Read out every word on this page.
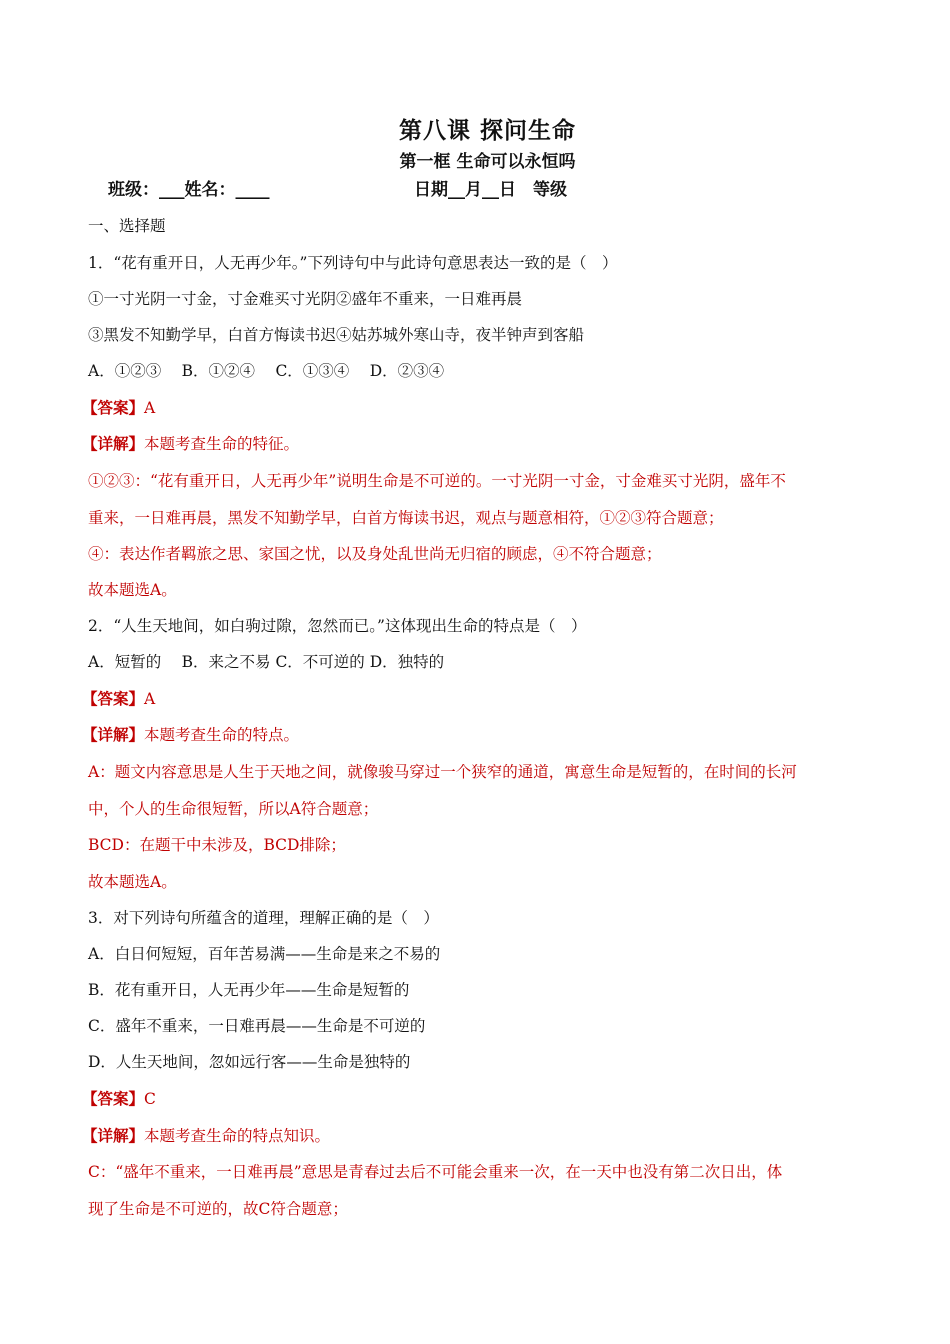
第八课 探问生命
第一框 生命可以永恒吗
班级：___姓名：____	日期__月__日　等级
一、选择题
1．“花有重开日，人无再少年。”下列诗句中与此诗句意思表达一致的是（　）
①一寸光阴一寸金，寸金难买寸光阴②盛年不重来，一日难再晨
③黑发不知勤学早，白首方悔读书迟④姑苏城外寒山寺，夜半钟声到客船
A．①②③　 B．①②④　 C．①③④　 D．②③④
【答案】A
【详解】本题考查生命的特征。
①②③：“花有重开日，人无再少年”说明生命是不可逆的。一寸光阴一寸金，寸金难买寸光阴，盛年不
重来，一日难再晨，黑发不知勤学早，白首方悔读书迟，观点与题意相符，①②③符合题意；
④：表达作者羁旅之思、家国之忧，以及身处乱世尚无归宿的顾虑，④不符合题意；
故本题选A。
2．“人生天地间，如白驹过隙，忽然而已。”这体现出生命的特点是（　）
A．短暂的　 B．来之不易 C．不可逆的 D．独特的
【答案】A
【详解】本题考查生命的特点。
A：题文内容意思是人生于天地之间，就像骏马穿过一个狭窄的通道，寓意生命是短暂的，在时间的长河
中，个人的生命很短暂，所以A符合题意；
BCD：在题干中未涉及，BCD排除；
故本题选A。
3．对下列诗句所蕴含的道理，理解正确的是（　）
A．白日何短短，百年苦易满——生命是来之不易的
B．花有重开日，人无再少年——生命是短暂的
C．盛年不重来，一日难再晨——生命是不可逆的
D．人生天地间，忽如远行客——生命是独特的
【答案】C
【详解】本题考查生命的特点知识。
C：“盛年不重来，一日难再晨”意思是青春过去后不可能会重来一次，在一天中也没有第二次日出，体
现了生命是不可逆的，故C符合题意；
